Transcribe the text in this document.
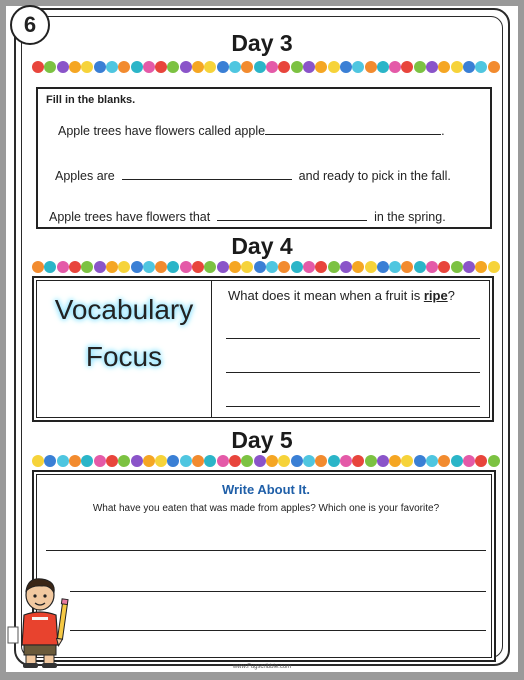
6
Day 3
Fill in the blanks.
Apple trees have flowers called apple	.
Apples are	and ready to pick in the fall.
Apple trees have flowers that	in the spring.
Day 4
Vocabulary
Focus
What does it mean when a fruit is ripe?
Day 5
Write About It.
What have you eaten that was made from apples? Which one is your favorite?
www.Fugscribble.com
